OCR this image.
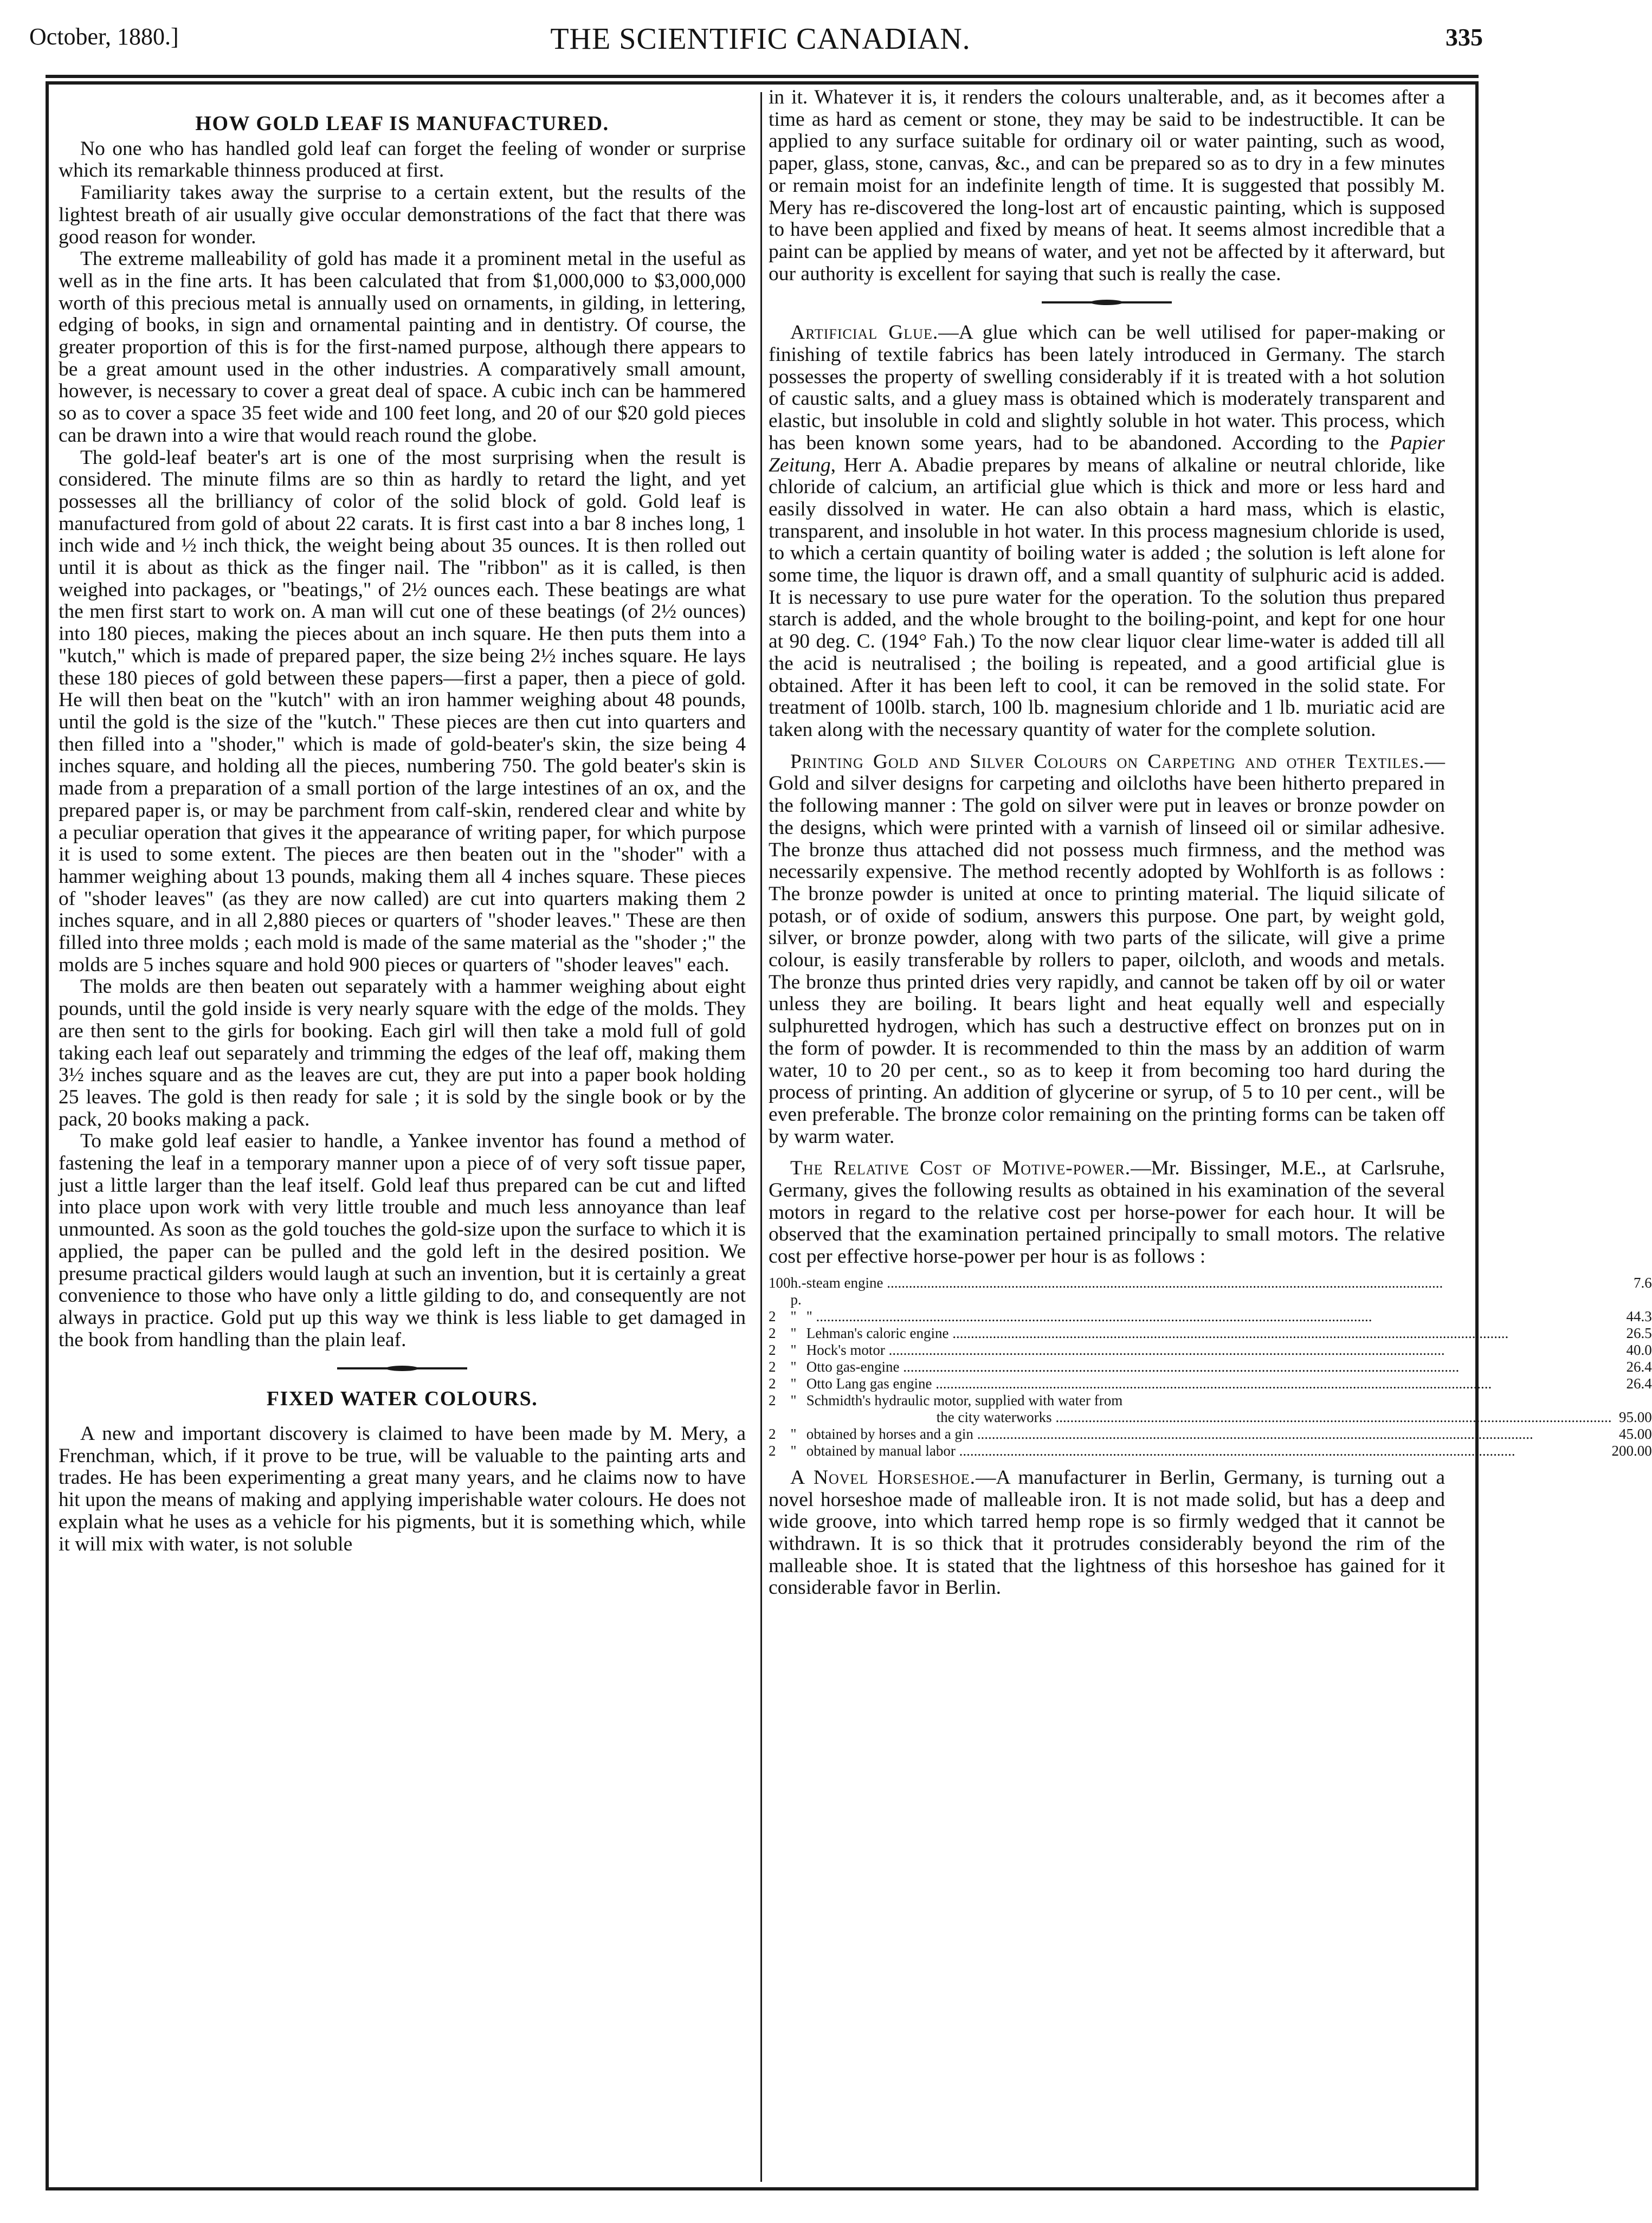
October, 1880.]	THE SCIENTIFIC CANADIAN.	335
HOW GOLD LEAF IS MANUFACTURED.

No one who has handled gold leaf can forget the feeling of wonder or surprise which its remarkable thinness produced at first.

Familiarity takes away the surprise to a certain extent, but the results of the lightest breath of air usually give occular demonstrations of the fact that there was good reason for wonder.

The extreme malleability of gold has made it a prominent metal in the useful as well as in the fine arts. It has been calculated that from $1,000,000 to $3,000,000 worth of this precious metal is annually used on ornaments, in gilding, in lettering, edging of books, in sign and ornamental painting and in dentistry. Of course, the greater proportion of this is for the first-named purpose, although there appears to be a great amount used in the other industries. A comparatively small amount, however, is necessary to cover a great deal of space. A cubic inch can be hammered so as to cover a space 35 feet wide and 100 feet long, and 20 of our $20 gold pieces can be drawn into a wire that would reach round the globe.

The gold-leaf beater's art is one of the most surprising when the result is considered. The minute films are so thin as hardly to retard the light, and yet possesses all the brilliancy of color of the solid block of gold. Gold leaf is manufactured from gold of about 22 carats. It is first cast into a bar 8 inches long, 1 inch wide and ½ inch thick, the weight being about 35 ounces. It is then rolled out until it is about as thick as the finger nail. The "ribbon" as it is called, is then weighed into packages, or "beatings," of 2½ ounces each. These beatings are what the men first start to work on. A man will cut one of these beatings (of 2½ ounces) into 180 pieces, making the pieces about an inch square. He then puts them into a "kutch," which is made of prepared paper, the size being 2½ inches square. He lays these 180 pieces of gold between these papers—first a paper, then a piece of gold. He will then beat on the "kutch" with an iron hammer weighing about 48 pounds, until the gold is the size of the "kutch." These pieces are then cut into quarters and then filled into a "shoder," which is made of gold-beater's skin, the size being 4 inches square, and holding all the pieces, numbering 750. The gold beater's skin is made from a preparation of a small portion of the large intestines of an ox, and the prepared paper is, or may be parchment from calf-skin, rendered clear and white by a peculiar operation that gives it the appearance of writing paper, for which purpose it is used to some extent. The pieces are then beaten out in the "shoder" with a hammer weighing about 13 pounds, making them all 4 inches square. These pieces of "shoder leaves" (as they are now called) are cut into quarters making them 2 inches square, and in all 2,880 pieces or quarters of "shoder leaves." These are then filled into three molds ; each mold is made of the same material as the "shoder ;" the molds are 5 inches square and hold 900 pieces or quarters of "shoder leaves" each.

The molds are then beaten out separately with a hammer weighing about eight pounds, until the gold inside is very nearly square with the edge of the molds. They are then sent to the girls for booking. Each girl will then take a mold full of gold taking each leaf out separately and trimming the edges of the leaf off, making them 3½ inches square and as the leaves are cut, they are put into a paper book holding 25 leaves. The gold is then ready for sale ; it is sold by the single book or by the pack, 20 books making a pack.

To make gold leaf easier to handle, a Yankee inventor has found a method of fastening the leaf in a temporary manner upon a piece of of very soft tissue paper, just a little larger than the leaf itself. Gold leaf thus prepared can be cut and lifted into place upon work with very little trouble and much less annoyance than leaf unmounted. As soon as the gold touches the gold-size upon the surface to which it is applied, the paper can be pulled and the gold left in the desired position. We presume practical gilders would laugh at such an invention, but it is certainly a great convenience to those who have only a little gilding to do, and consequently are not always in practice. Gold put up this way we think is less liable to get damaged in the book from handling than the plain leaf.

FIXED WATER COLOURS.

A new and important discovery is claimed to have been made by M. Mery, a Frenchman, which, if it prove to be true, will be valuable to the painting arts and trades. He has been experimenting a great many years, and he claims now to have hit upon the means of making and applying imperishable water colours. He does not explain what he uses as a vehicle for his pigments, but it is something which, while it will mix with water, is not soluble

in it. Whatever it is, it renders the colours unalterable, and, as it becomes after a time as hard as cement or stone, they may be said to be indestructible. It can be applied to any surface suitable for ordinary oil or water painting, such as wood, paper, glass, stone, canvas, &c., and can be prepared so as to dry in a few minutes or remain moist for an indefinite length of time. It is suggested that possibly M. Mery has re-discovered the long-lost art of encaustic painting, which is supposed to have been applied and fixed by means of heat. It seems almost incredible that a paint can be applied by means of water, and yet not be affected by it afterward, but our authority is excellent for saying that such is really the case.

Artificial Glue.—A glue which can be well utilised for paper-making or finishing of textile fabrics has been lately introduced in Germany. The starch possesses the property of swelling considerably if it is treated with a hot solution of caustic salts, and a gluey mass is obtained which is moderately transparent and elastic, but insoluble in cold and slightly soluble in hot water. This process, which has been known some years, had to be abandoned. According to the Papier Zeitung, Herr A. Abadie prepares by means of alkaline or neutral chloride, like chloride of calcium, an artificial glue which is thick and more or less hard and easily dissolved in water. He can also obtain a hard mass, which is elastic, transparent, and insoluble in hot water. In this process magnesium chloride is used, to which a certain quantity of boiling water is added ; the solution is left alone for some time, the liquor is drawn off, and a small quantity of sulphuric acid is added. It is necessary to use pure water for the operation. To the solution thus prepared starch is added, and the whole brought to the boiling-point, and kept for one hour at 90 deg. C. (194° Fah.) To the now clear liquor clear lime-water is added till all the acid is neutralised ; the boiling is repeated, and a good artificial glue is obtained. After it has been left to cool, it can be removed in the solid state. For treatment of 100lb. starch, 100 lb. magnesium chloride and 1 lb. muriatic acid are taken along with the necessary quantity of water for the complete solution.

Printing Gold and Silver Colours on Carpeting and other Textiles.—Gold and silver designs for carpeting and oilcloths have been hitherto prepared in the following manner : The gold on silver were put in leaves or bronze powder on the designs, which were printed with a varnish of linseed oil or similar adhesive. The bronze thus attached did not possess much firmness, and the method was necessarily expensive. The method recently adopted by Wohlforth is as follows : The bronze powder is united at once to printing material. The liquid silicate of potash, or of oxide of sodium, answers this purpose. One part, by weight gold, silver, or bronze powder, along with two parts of the silicate, will give a prime colour, is easily transferable by rollers to paper, oilcloth, and woods and metals. The bronze thus printed dries very rapidly, and cannot be taken off by oil or water unless they are boiling. It bears light and heat equally well and especially sulphuretted hydrogen, which has such a destructive effect on bronzes put on in the form of powder. It is recommended to thin the mass by an addition of warm water, 10 to 20 per cent., so as to keep it from becoming too hard during the process of printing. An addition of glycerine or syrup, of 5 to 10 per cent., will be even preferable. The bronze color remaining on the printing forms can be taken off by warm water.

The Relative Cost of Motive-power.—Mr. Bissinger, M.E., at Carlsruhe, Germany, gives the following results as obtained in his examination of the several motors in regard to the relative cost per horse-power for each hour. It will be observed that the examination pertained principally to small motors. The relative cost per effective horse-power per hour is as follows :

100	h.-p.	steam engine .....	7.6
2	"	" .....	44.3
2	"	Lehman's caloric engine .....	26.5
2	"	Hock's motor .....	40.0
2	"	Otto gas-engine .....	26.4
2	"	Otto Lang gas engine .....	26.4
2	"	Schmidth's hydraulic motor, supplied with water from	
		the city waterworks .....	95.00
2	"	obtained by horses and a gin .....	45.00
2	"	obtained by manual labor .....	200.00

A Novel Horseshoe.—A manufacturer in Berlin, Germany, is turning out a novel horseshoe made of malleable iron. It is not made solid, but has a deep and wide groove, into which tarred hemp rope is so firmly wedged that it cannot be withdrawn. It is so thick that it protrudes considerably beyond the rim of the malleable shoe. It is stated that the lightness of this horseshoe has gained for it considerable favor in Berlin.
